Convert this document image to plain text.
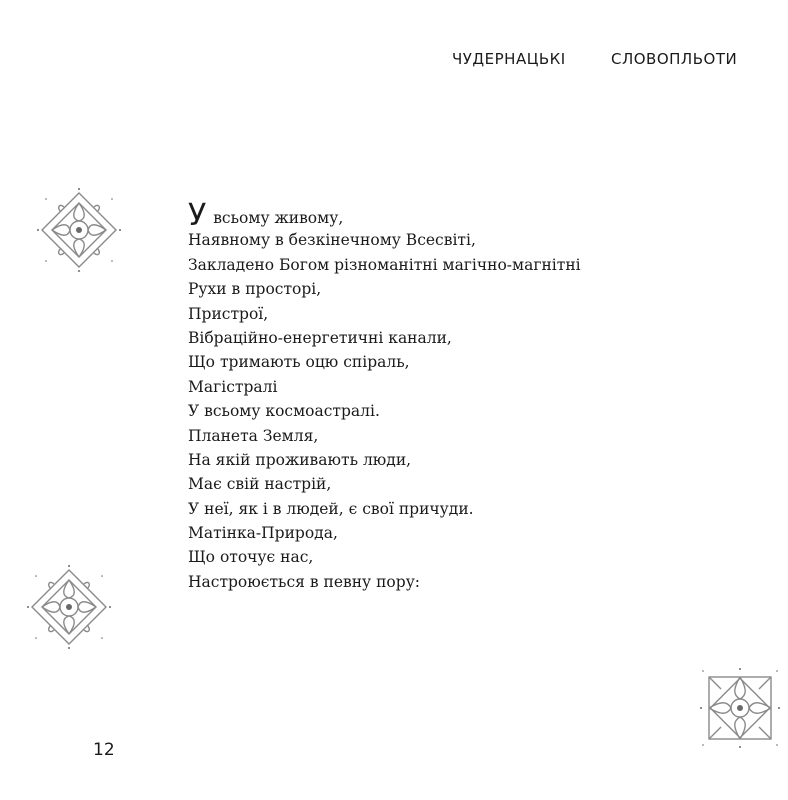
ЧУДЕРНАЦЬКІ	СЛОВОПЛЬОТИ
У всьому живому,
Наявному в безкінечному Всесвіті,
Закладено Богом різноманітні магічно-магнітні
Рухи в просторі,
Пристрої,
Вібраційно-енергетичні канали,
Що тримають оцю спіраль,
Магістралі
У всьому космоастралі.
Планета Земля,
На якій проживають люди,
Має свій настрій,
У неї, як і в людей, є свої причуди.
Матінка-Природа,
Що оточує нас,
Настроюється в певну пору:
12
